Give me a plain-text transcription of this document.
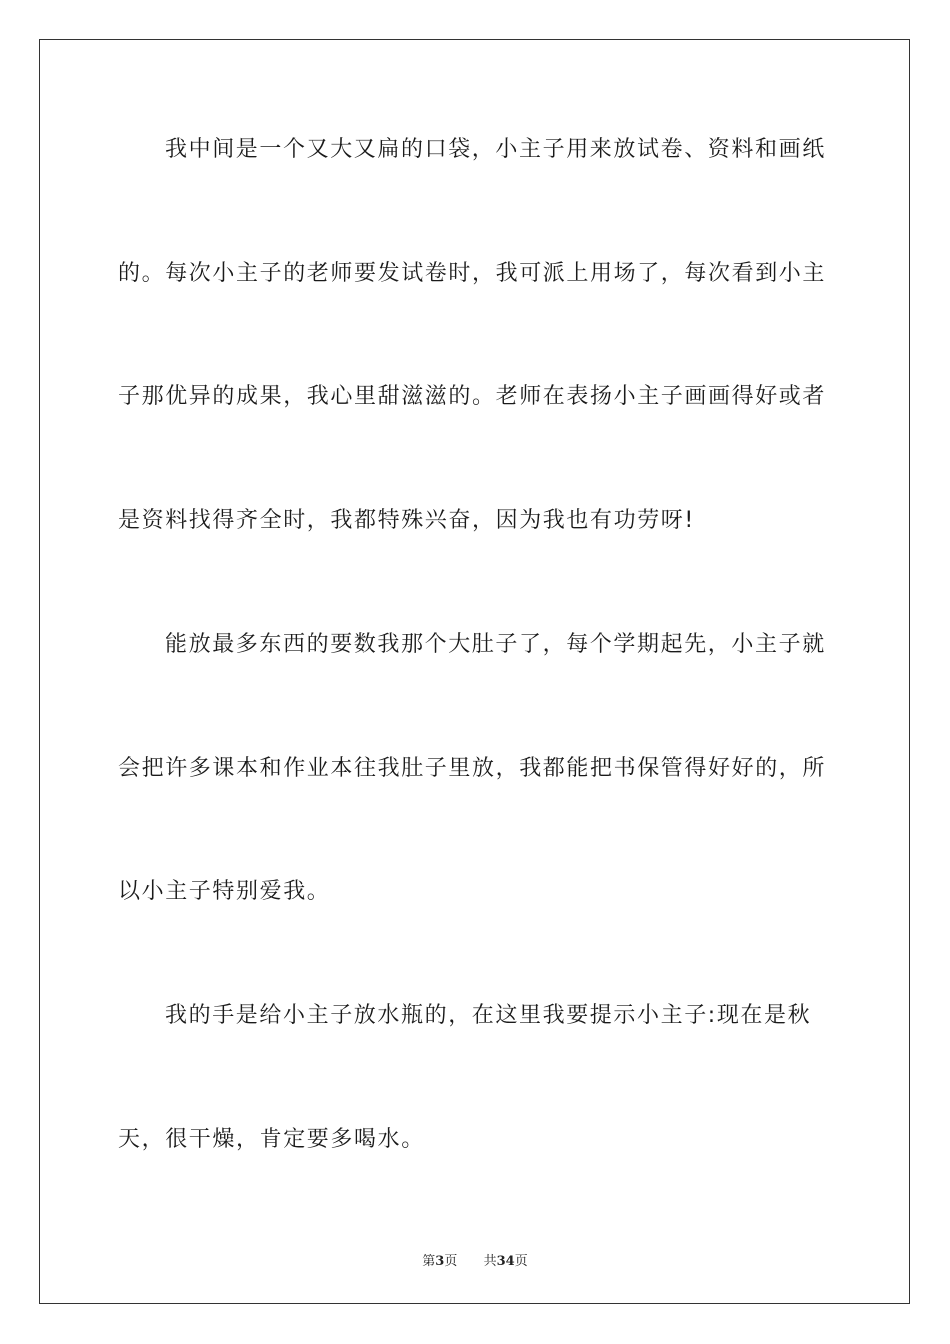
我中间是一个又大又扁的口袋，小主子用来放试卷、资料和画纸
的。每次小主子的老师要发试卷时，我可派上用场了，每次看到小主
子那优异的成果，我心里甜滋滋的。老师在表扬小主子画画得好或者
是资料找得齐全时，我都特殊兴奋，因为我也有功劳呀!
能放最多东西的要数我那个大肚子了，每个学期起先，小主子就
会把许多课本和作业本往我肚子里放，我都能把书保管得好好的，所
以小主子特别爱我。
我的手是给小主子放水瓶的，在这里我要提示小主子:现在是秋
天，很干燥，肯定要多喝水。
第3页 共34页
